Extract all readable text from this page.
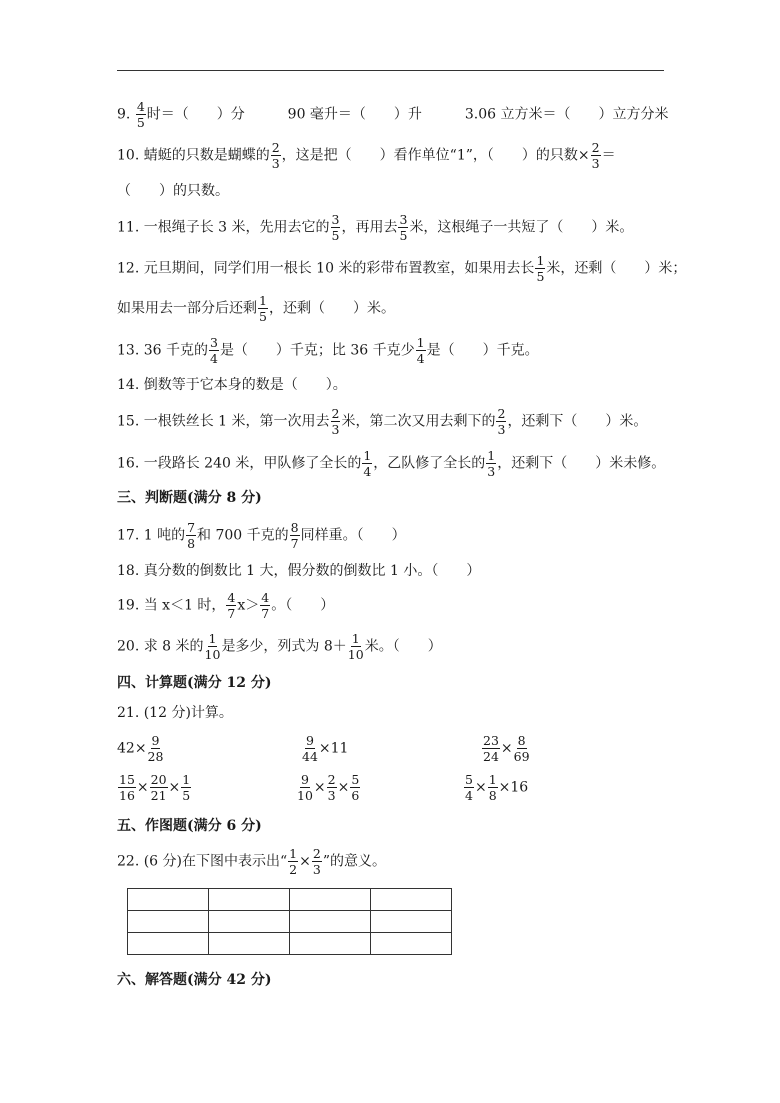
9. $\frac{4}{5}$ 时＝（　　）分	90 毫升＝（　　）升	3.06 立方米＝（　　）立方分米
10. 蜻蜓的只数是蝴蝶的 $\frac{2}{3}$ ，这是把（　　）看作单位“1”，（　　）的只数× $\frac{2}{3}$ ＝
（　　）的只数。
11. 一根绳子长 3 米，先用去它的 $\frac{3}{5}$ ，再用去 $\frac{3}{5}$ 米，这根绳子一共短了（　　）米。
12. 元旦期间，同学们用一根长 10 米的彩带布置教室，如果用去长 $\frac{1}{5}$ 米，还剩（　　）米；
如果用去一部分后还剩 $\frac{1}{5}$ ，还剩（　　）米。
13. 36 千克的 $\frac{3}{4}$ 是（　　）千克；比 36 千克少 $\frac{1}{4}$ 是（　　）千克。
14. 倒数等于它本身的数是（　　）。
15. 一根铁丝长 1 米，第一次用去 $\frac{2}{3}$ 米，第二次又用去剩下的 $\frac{2}{3}$ ，还剩下（　　）米。
16. 一段路长 240 米，甲队修了全长的 $\frac{1}{4}$ ，乙队修了全长的 $\frac{1}{3}$ ，还剩下（　　）米未修。
三、判断题(满分 8 分)
17. 1 吨的 $\frac{7}{8}$ 和 700 千克的 $\frac{8}{7}$ 同样重。（　　）
18. 真分数的倒数比 1 大，假分数的倒数比 1 小。（　　）
19. 当 x＜1 时， $\frac{4}{7} x> \frac{4}{7}$ 。（　　）
20. 求 8 米的 $\frac{1}{10}$ 是多少，列式为 $8+ \frac{1}{10}$ 米。（　　）
四、计算题(满分 12 分)
21. (12 分)计算。
$42\times \frac{9}{28}$	$\frac{9}{44} \times 11$	$\frac{23}{24} \times \frac{8}{69}$
$\frac{15}{16} \times \frac{20}{21} \times \frac{1}{5}$	$\frac{9}{10} \times \frac{2}{3} \times \frac{5}{6}$	$\frac{5}{4} \times \frac{1}{8} \times 16$
五、作图题(满分 6 分)
22. (6 分)在下图中表示出“ $\frac{1}{2} \times \frac{2}{3}$ ”的意义。

六、解答题(满分 42 分)
